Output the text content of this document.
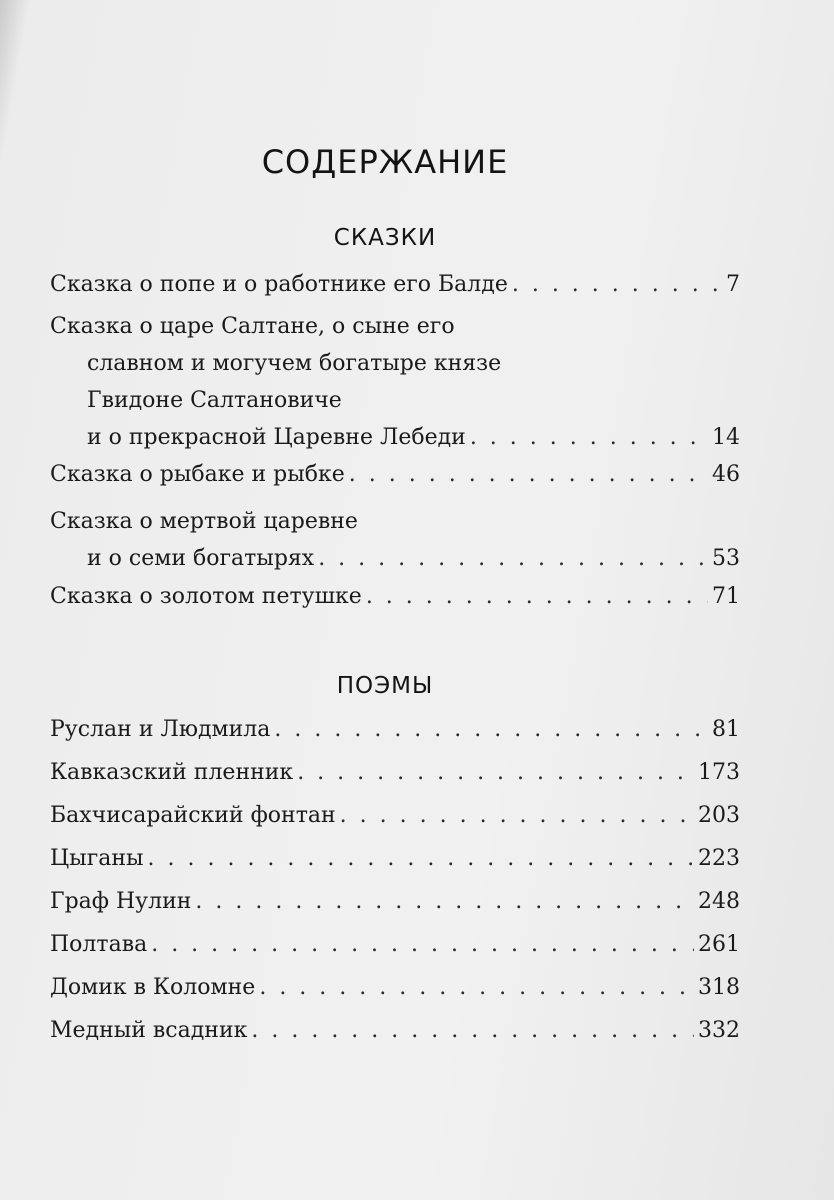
СОДЕРЖАНИЕ
СКАЗКИ
Сказка о попе и о работнике его Балде . . .	7
Сказка о царе Салтане, о сыне его
славном и могучем богатыре князе
Гвидоне Салтановиче
и о прекрасной Царевне Лебеди . . .	14
Сказка о рыбаке и рыбке . . .	46
Сказка о мертвой царевне
и о семи богатырях . . .	53
Сказка о золотом петушке . . .	71
ПОЭМЫ
Руслан и Людмила . . .	81
Кавказский пленник . . .	173
Бахчисарайский фонтан . . .	203
Цыганы . . .	223
Граф Нулин . . .	248
Полтава . . .	261
Домик в Коломне . . .	318
Медный всадник . . .	332
